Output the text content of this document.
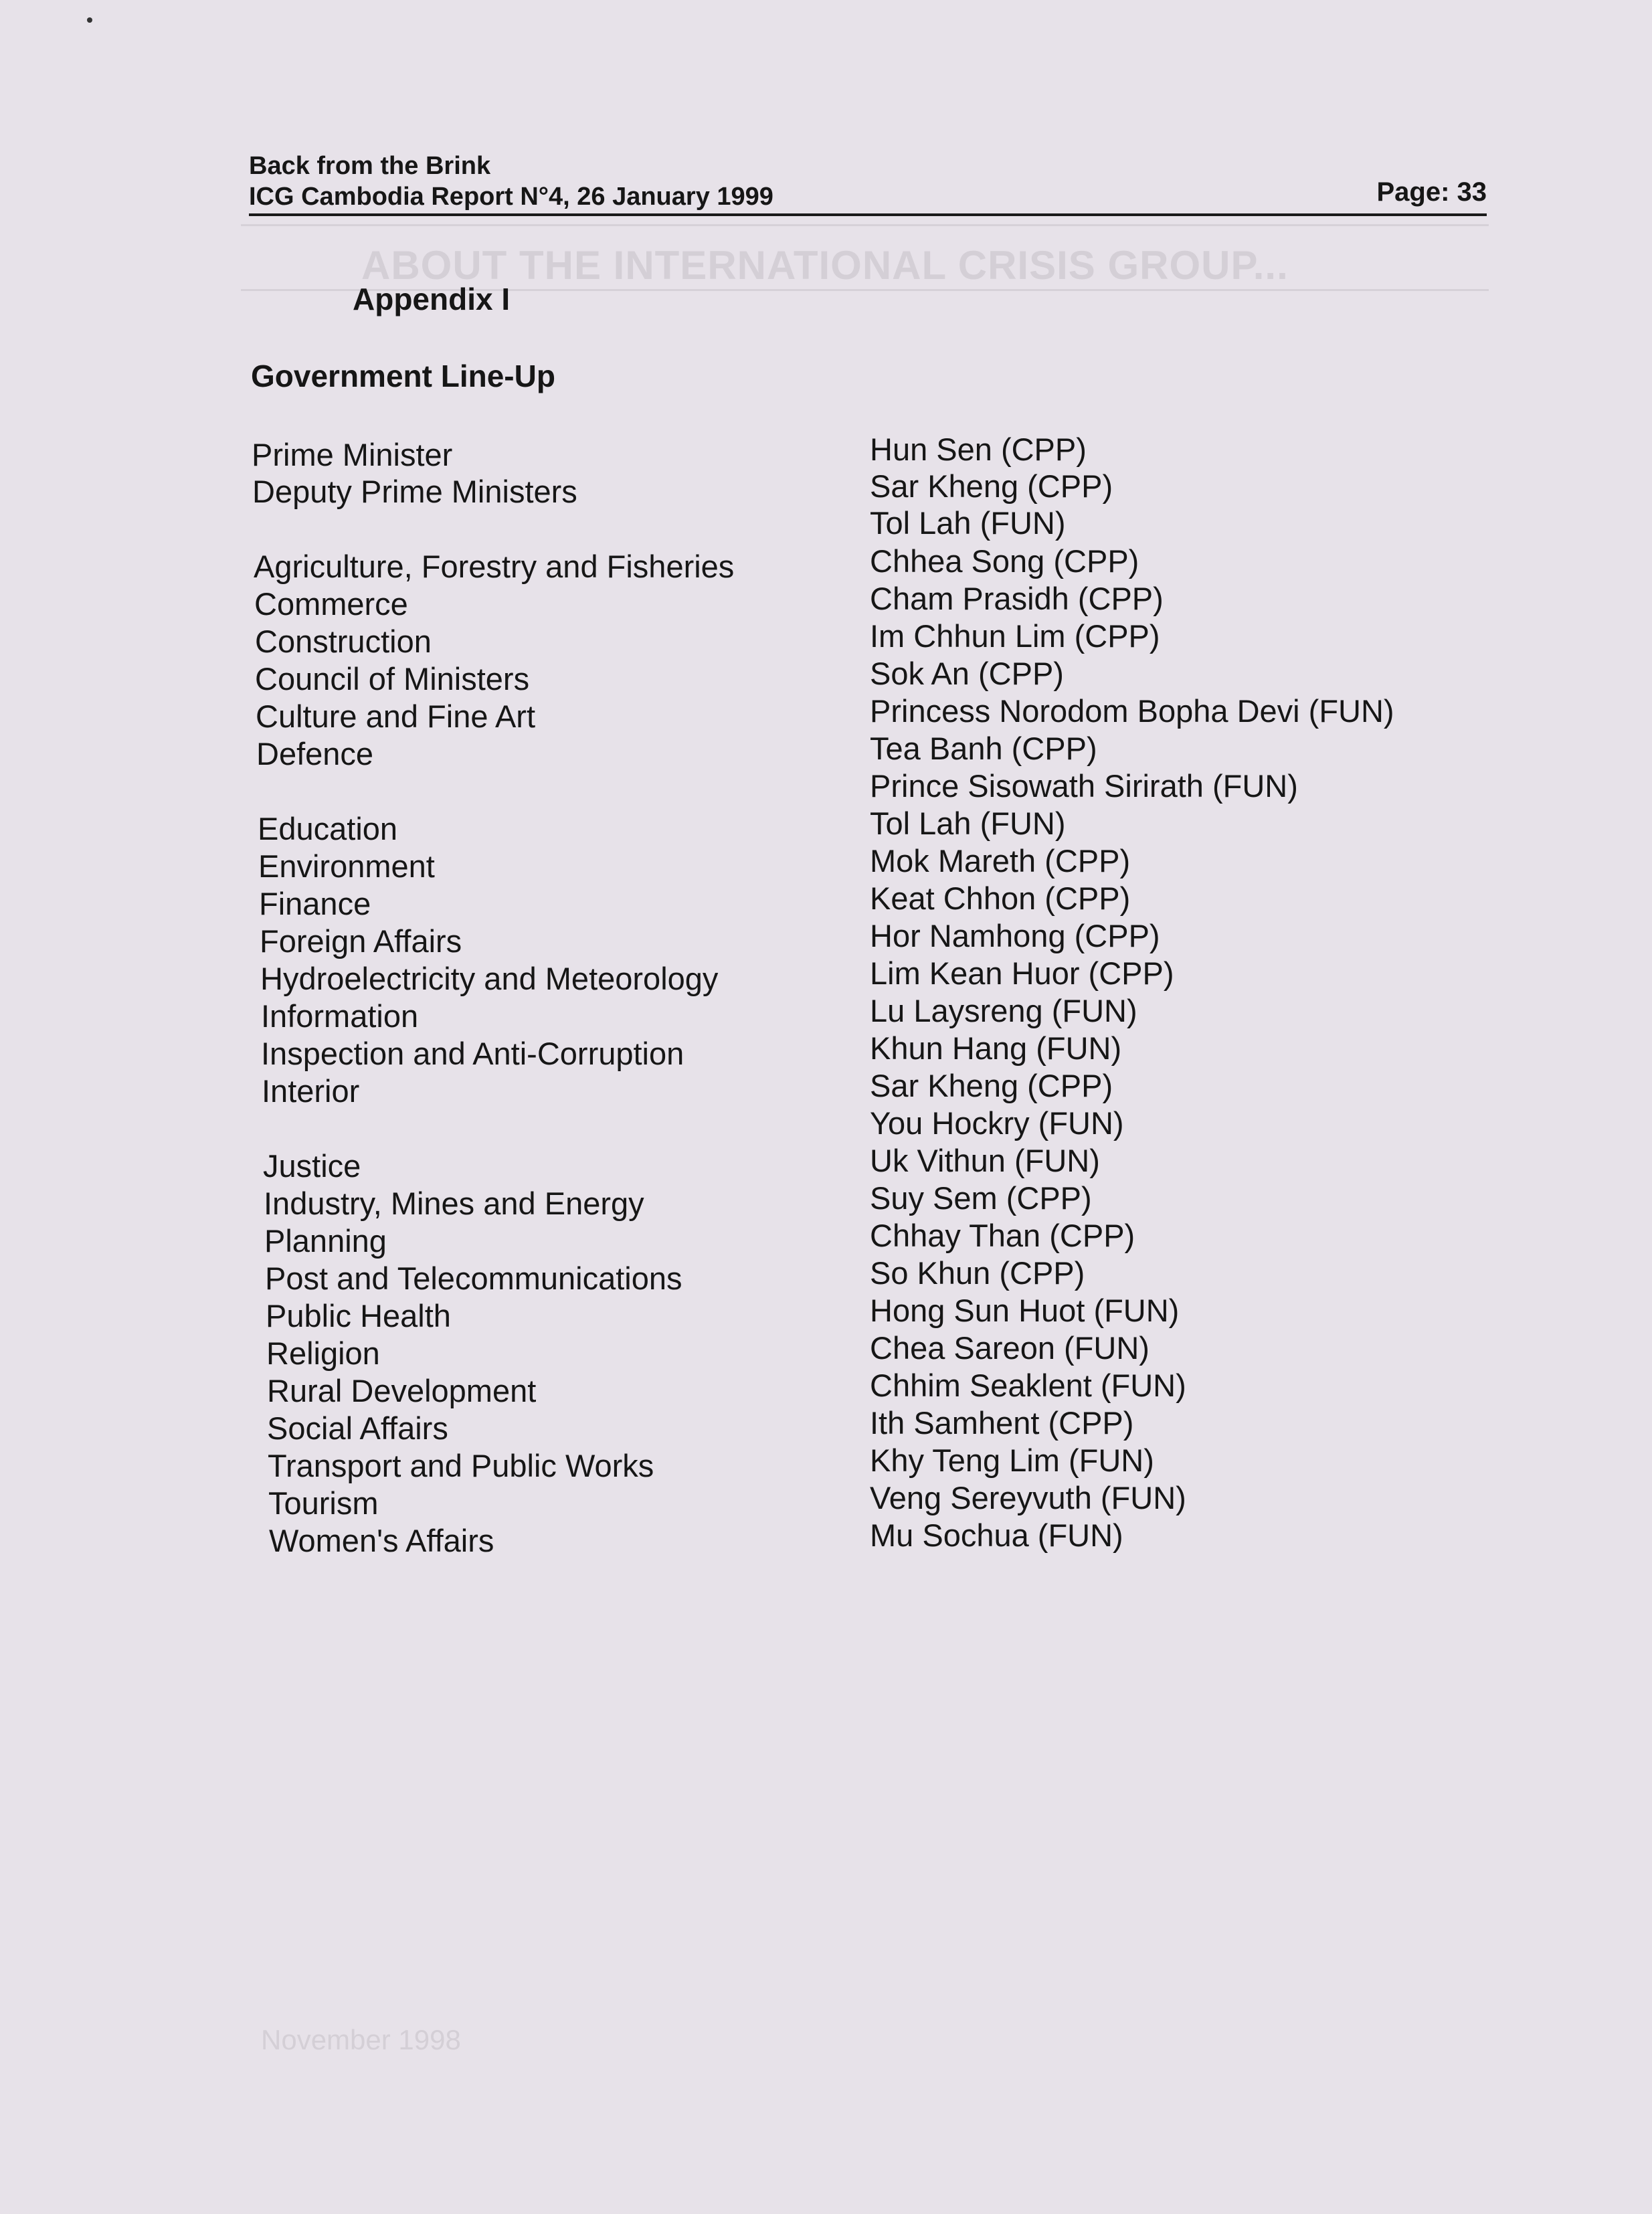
ABOUT THE INTERNATIONAL CRISIS GROUP...
November 1998
Back from the Brink
ICG Cambodia Report N°4, 26 January 1999	Page: 33
Appendix I
Government Line-Up
Prime Minister	Hun Sen (CPP)
Deputy Prime Ministers	Sar Kheng (CPP)
Tol Lah (FUN)
Agriculture, Forestry and Fisheries	Chhea Song (CPP)
Commerce	Cham Prasidh (CPP)
Construction	Im Chhun Lim (CPP)
Council of Ministers	Sok An (CPP)
Culture and Fine Art	Princess Norodom Bopha Devi (FUN)
Defence	Tea Banh (CPP)
Prince Sisowath Sirirath (FUN)
Education	Tol Lah (FUN)
Environment	Mok Mareth (CPP)
Finance	Keat Chhon (CPP)
Foreign Affairs	Hor Namhong (CPP)
Hydroelectricity and Meteorology	Lim Kean Huor (CPP)
Information	Lu Laysreng (FUN)
Inspection and Anti-Corruption	Khun Hang (FUN)
Interior	Sar Kheng (CPP)
You Hockry (FUN)
Justice	Uk Vithun (FUN)
Industry, Mines and Energy	Suy Sem (CPP)
Planning	Chhay Than (CPP)
Post and Telecommunications	So Khun (CPP)
Public Health	Hong Sun Huot (FUN)
Religion	Chea Sareon (FUN)
Rural Development	Chhim Seaklent (FUN)
Social Affairs	Ith Samhent (CPP)
Transport and Public Works	Khy Teng Lim (FUN)
Tourism	Veng Sereyvuth (FUN)
Women's Affairs	Mu Sochua (FUN)
